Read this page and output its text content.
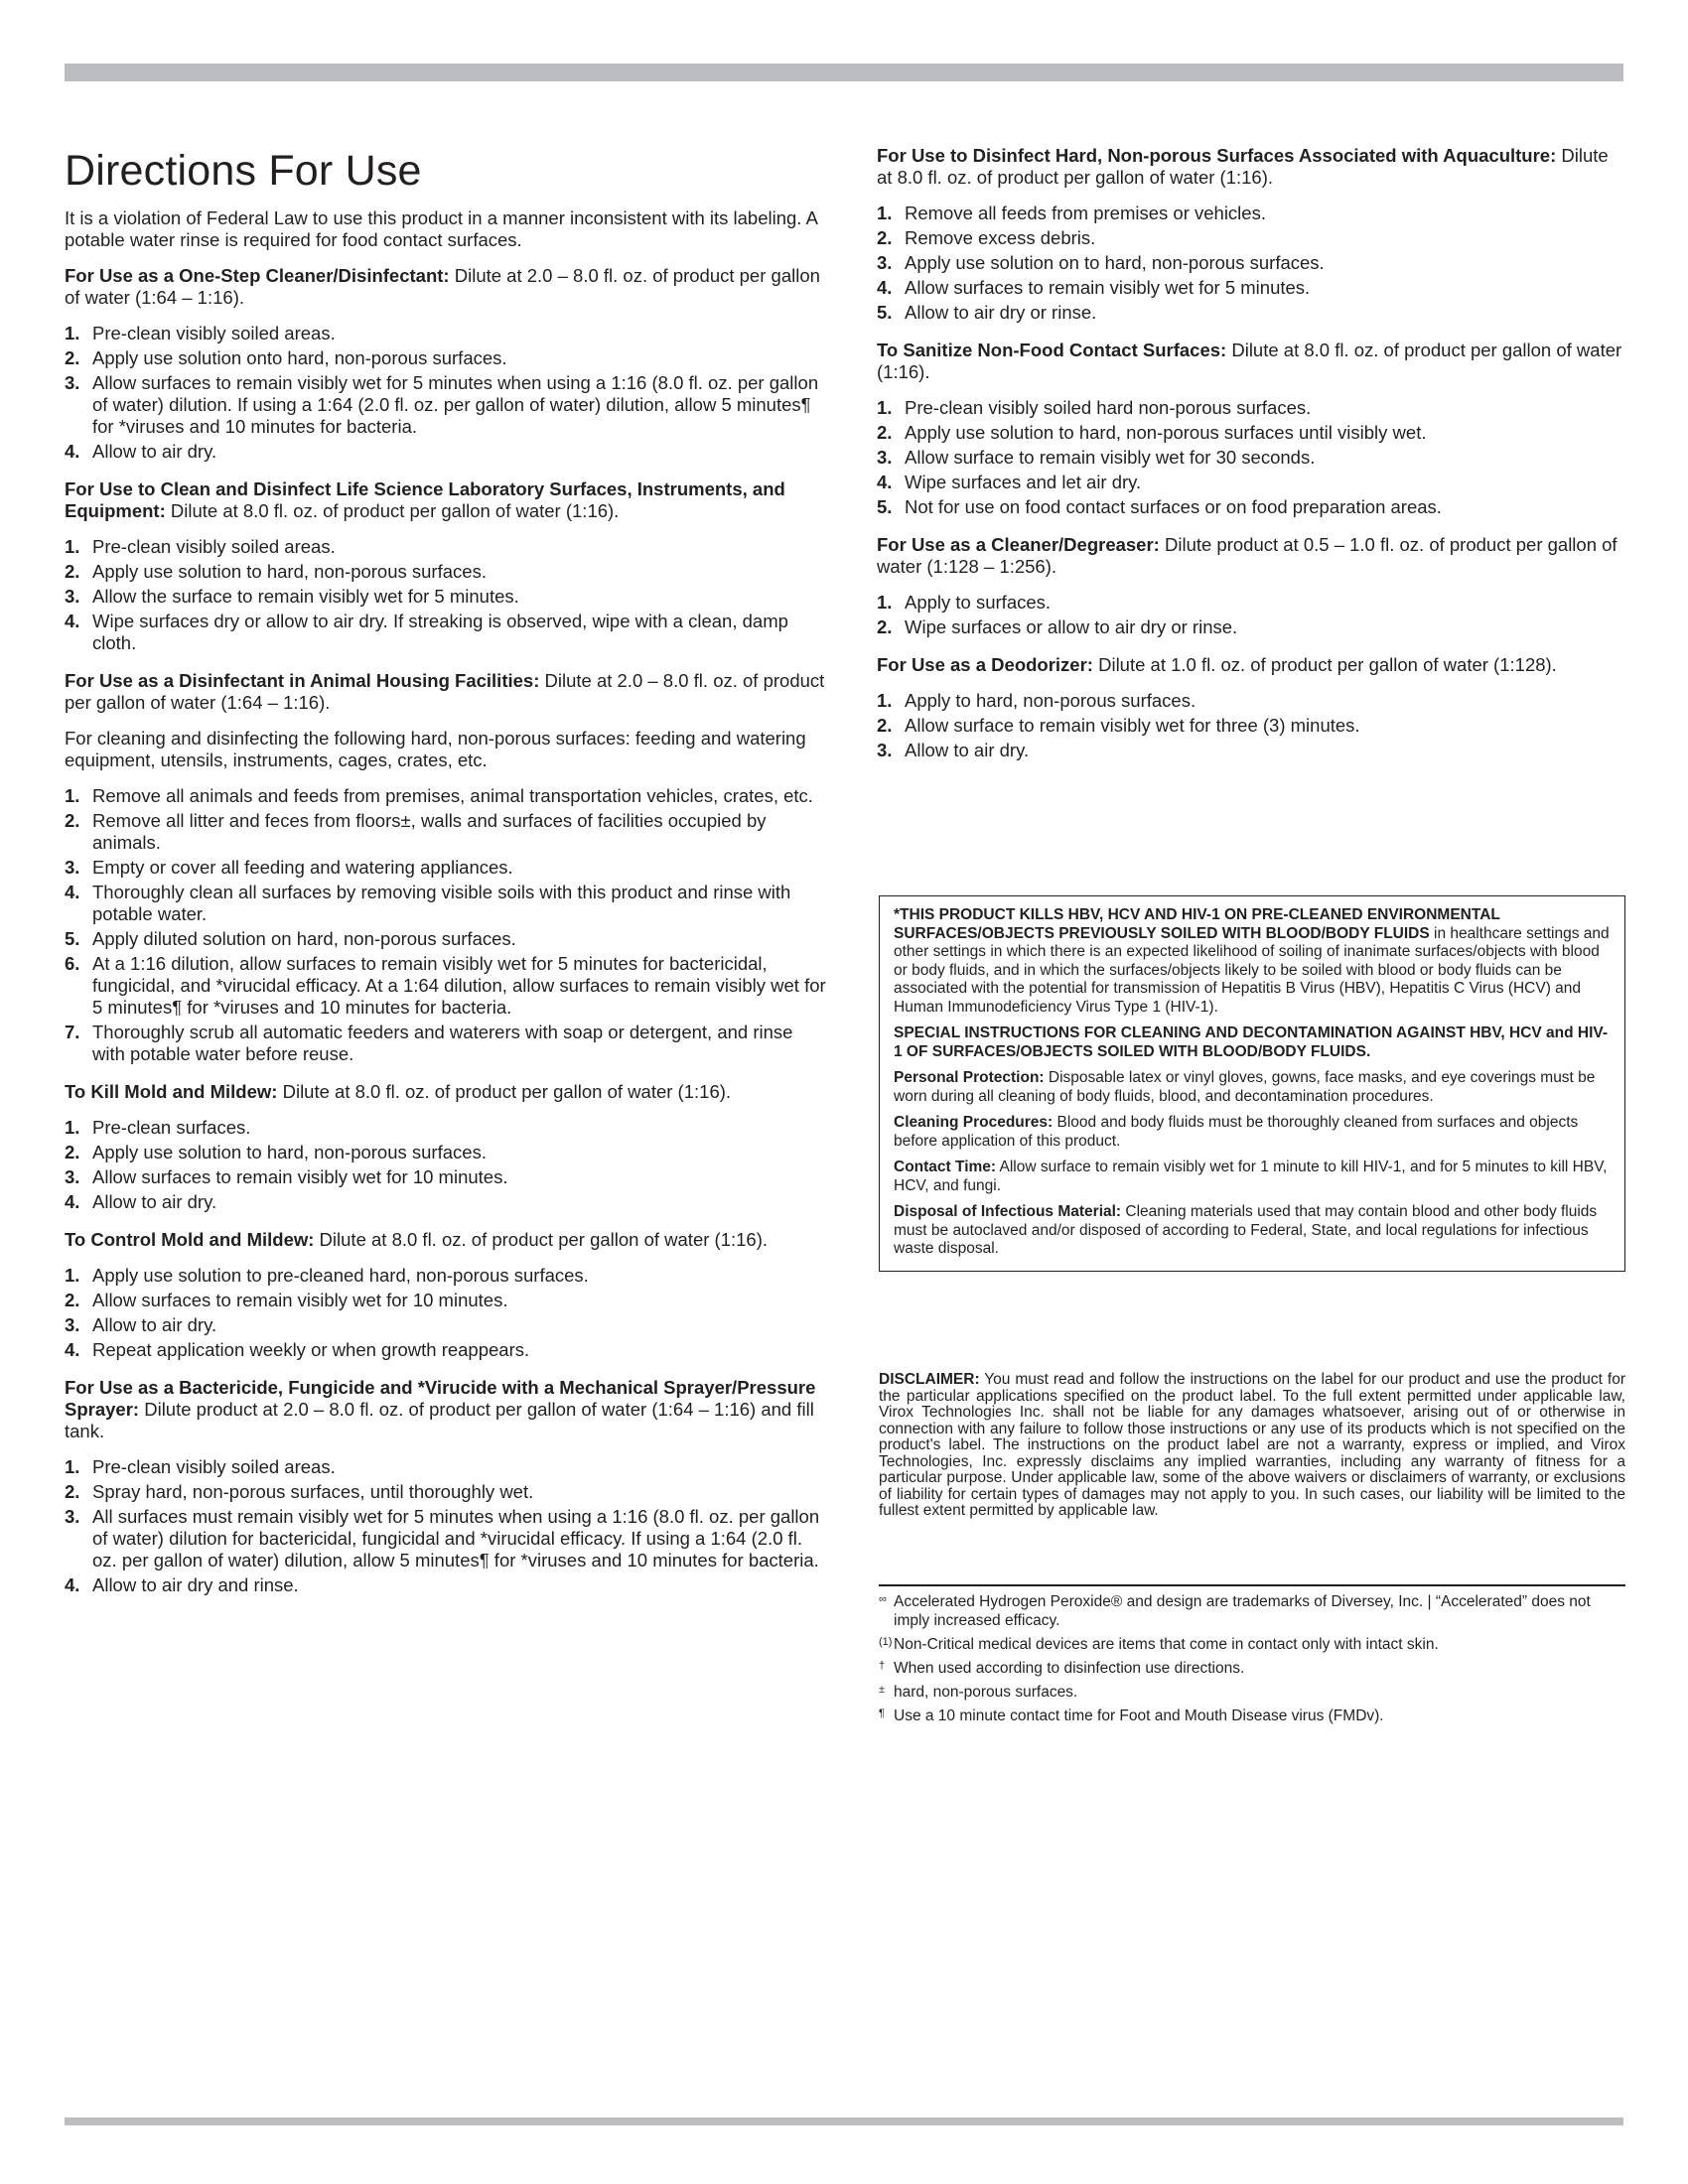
Directions For Use

It is a violation of Federal Law to use this product in a manner inconsistent with its labeling. A potable water rinse is required for food contact surfaces.

For Use as a One-Step Cleaner/Disinfectant: Dilute at 2.0 – 8.0 fl. oz. of product per gallon of water (1:64 – 1:16).

1. Pre-clean visibly soiled areas.
2. Apply use solution onto hard, non-porous surfaces.
3. Allow surfaces to remain visibly wet for 5 minutes when using a 1:16 (8.0 fl. oz. per gallon of water) dilution. If using a 1:64 (2.0 fl. oz. per gallon of water) dilution, allow 5 minutes¶ for *viruses and 10 minutes for bacteria.
4. Allow to air dry.

For Use to Clean and Disinfect Life Science Laboratory Surfaces, Instruments, and Equipment: Dilute at 8.0 fl. oz. of product per gallon of water (1:16).

1. Pre-clean visibly soiled areas.
2. Apply use solution to hard, non-porous surfaces.
3. Allow the surface to remain visibly wet for 5 minutes.
4. Wipe surfaces dry or allow to air dry. If streaking is observed, wipe with a clean, damp cloth.

For Use as a Disinfectant in Animal Housing Facilities: Dilute at 2.0 – 8.0 fl. oz. of product per gallon of water (1:64 – 1:16).

For cleaning and disinfecting the following hard, non-porous surfaces: feeding and watering equipment, utensils, instruments, cages, crates, etc.

1. Remove all animals and feeds from premises, animal transportation vehicles, crates, etc.
2. Remove all litter and feces from floors±, walls and surfaces of facilities occupied by animals.
3. Empty or cover all feeding and watering appliances.
4. Thoroughly clean all surfaces by removing visible soils with this product and rinse with potable water.
5. Apply diluted solution on hard, non-porous surfaces.
6. At a 1:16 dilution, allow surfaces to remain visibly wet for 5 minutes for bactericidal, fungicidal, and *virucidal efficacy. At a 1:64 dilution, allow surfaces to remain visibly wet for 5 minutes¶ for *viruses and 10 minutes for bacteria.
7. Thoroughly scrub all automatic feeders and waterers with soap or detergent, and rinse with potable water before reuse.

To Kill Mold and Mildew: Dilute at 8.0 fl. oz. of product per gallon of water (1:16).

1. Pre-clean surfaces.
2. Apply use solution to hard, non-porous surfaces.
3. Allow surfaces to remain visibly wet for 10 minutes.
4. Allow to air dry.

To Control Mold and Mildew: Dilute at 8.0 fl. oz. of product per gallon of water (1:16).

1. Apply use solution to pre-cleaned hard, non-porous surfaces.
2. Allow surfaces to remain visibly wet for 10 minutes.
3. Allow to air dry.
4. Repeat application weekly or when growth reappears.

For Use as a Bactericide, Fungicide and *Virucide with a Mechanical Sprayer/Pressure Sprayer: Dilute product at 2.0 – 8.0 fl. oz. of product per gallon of water (1:64 – 1:16) and fill tank.

1. Pre-clean visibly soiled areas.
2. Spray hard, non-porous surfaces, until thoroughly wet.
3. All surfaces must remain visibly wet for 5 minutes when using a 1:16 (8.0 fl. oz. per gallon of water) dilution for bactericidal, fungicidal and *virucidal efficacy. If using a 1:64 (2.0 fl. oz. per gallon of water) dilution, allow 5 minutes¶ for *viruses and 10 minutes for bacteria.
4. Allow to air dry and rinse.

For Use to Disinfect Hard, Non-porous Surfaces Associated with Aquaculture: Dilute at 8.0 fl. oz. of product per gallon of water (1:16).

1. Remove all feeds from premises or vehicles.
2. Remove excess debris.
3. Apply use solution on to hard, non-porous surfaces.
4. Allow surfaces to remain visibly wet for 5 minutes.
5. Allow to air dry or rinse.

To Sanitize Non-Food Contact Surfaces: Dilute at 8.0 fl. oz. of product per gallon of water (1:16).

1. Pre-clean visibly soiled hard non-porous surfaces.
2. Apply use solution to hard, non-porous surfaces until visibly wet.
3. Allow surface to remain visibly wet for 30 seconds.
4. Wipe surfaces and let air dry.
5. Not for use on food contact surfaces or on food preparation areas.

For Use as a Cleaner/Degreaser: Dilute product at 0.5 – 1.0 fl. oz. of product per gallon of water (1:128 – 1:256).

1. Apply to surfaces.
2. Wipe surfaces or allow to air dry or rinse.

For Use as a Deodorizer: Dilute at 1.0 fl. oz. of product per gallon of water (1:128).

1. Apply to hard, non-porous surfaces.
2. Allow surface to remain visibly wet for three (3) minutes.
3. Allow to air dry.

*THIS PRODUCT KILLS HBV, HCV AND HIV-1 ON PRE-CLEANED ENVIRONMENTAL SURFACES/OBJECTS PREVIOUSLY SOILED WITH BLOOD/BODY FLUIDS in healthcare settings and other settings in which there is an expected likelihood of soiling of inanimate surfaces/objects with blood or body fluids, and in which the surfaces/objects likely to be soiled with blood or body fluids can be associated with the potential for transmission of Hepatitis B Virus (HBV), Hepatitis C Virus (HCV) and Human Immunodeficiency Virus Type 1 (HIV-1).

SPECIAL INSTRUCTIONS FOR CLEANING AND DECONTAMINATION AGAINST HBV, HCV and HIV-1 OF SURFACES/OBJECTS SOILED WITH BLOOD/BODY FLUIDS.

Personal Protection: Disposable latex or vinyl gloves, gowns, face masks, and eye coverings must be worn during all cleaning of body fluids, blood, and decontamination procedures.

Cleaning Procedures: Blood and body fluids must be thoroughly cleaned from surfaces and objects before application of this product.

Contact Time: Allow surface to remain visibly wet for 1 minute to kill HIV-1, and for 5 minutes to kill HBV, HCV, and fungi.

Disposal of Infectious Material: Cleaning materials used that may contain blood and other body fluids must be autoclaved and/or disposed of according to Federal, State, and local regulations for infectious waste disposal.

DISCLAIMER: You must read and follow the instructions on the label for our product and use the product for the particular applications specified on the product label. To the full extent permitted under applicable law, Virox Technologies Inc. shall not be liable for any damages whatsoever, arising out of or otherwise in connection with any failure to follow those instructions or any use of its products which is not specified on the product's label. The instructions on the product label are not a warranty, express or implied, and Virox Technologies, Inc. expressly disclaims any implied warranties, including any warranty of fitness for a particular purpose. Under applicable law, some of the above waivers or disclaimers of warranty, or exclusions of liability for certain types of damages may not apply to you. In such cases, our liability will be limited to the fullest extent permitted by applicable law.
∞ Accelerated Hydrogen Peroxide® and design are trademarks of Diversey, Inc. | “Accelerated” does not imply increased efficacy.
(1) Non-Critical medical devices are items that come in contact only with intact skin.
† When used according to disinfection use directions.
± hard, non-porous surfaces.
¶ Use a 10 minute contact time for Foot and Mouth Disease virus (FMDv).
